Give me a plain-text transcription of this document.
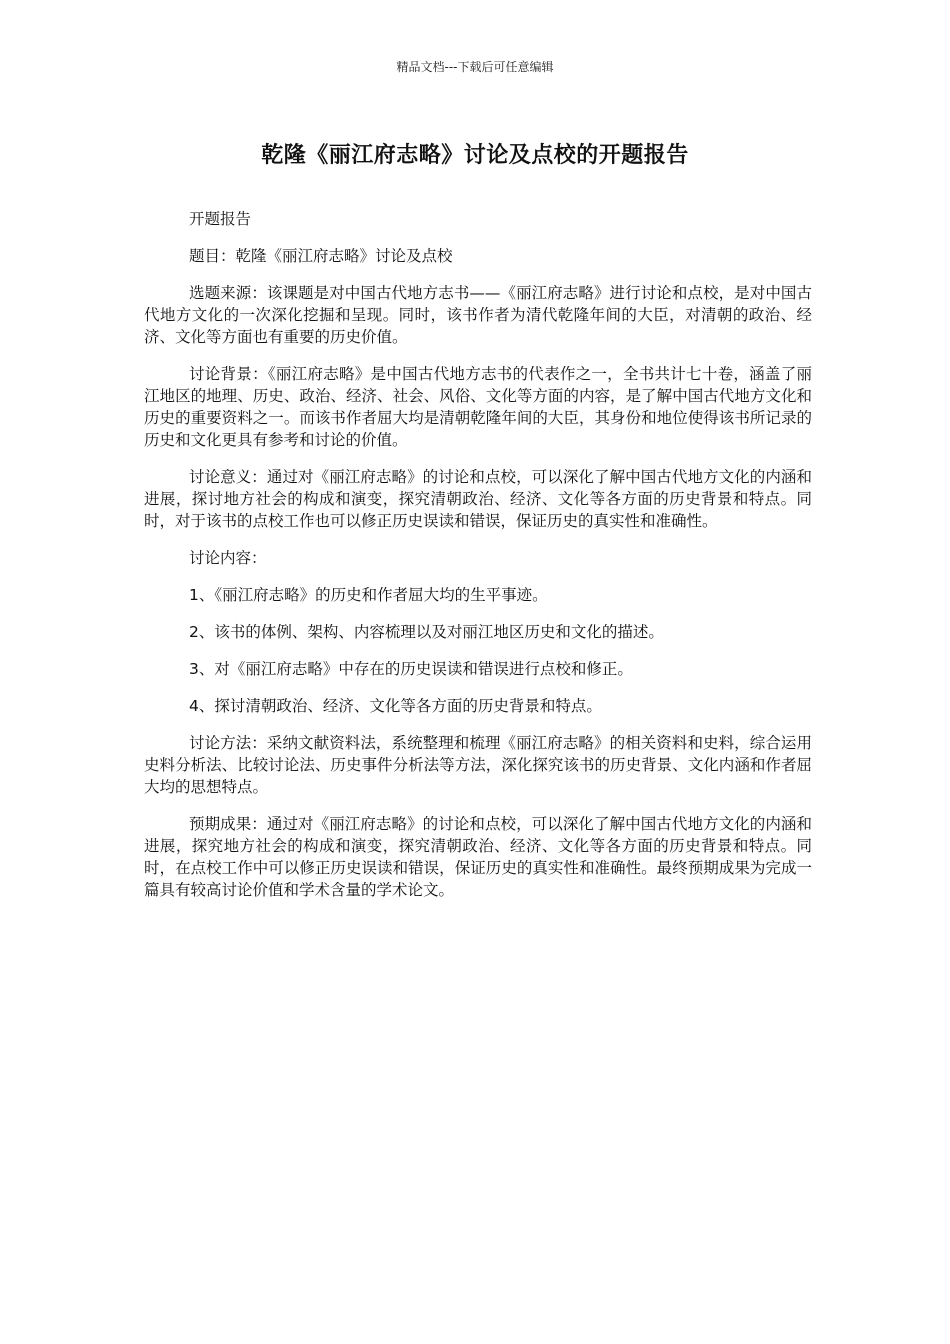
精品文档---下载后可任意编辑
乾隆《丽江府志略》讨论及点校的开题报告

开题报告

题目：乾隆《丽江府志略》讨论及点校

选题来源：该课题是对中国古代地方志书——《丽江府志略》进行讨论和点校，是对中国古代地方文化的一次深化挖掘和呈现。同时，该书作者为清代乾隆年间的大臣，对清朝的政治、经济、文化等方面也有重要的历史价值。

讨论背景：《丽江府志略》是中国古代地方志书的代表作之一，全书共计七十卷，涵盖了丽江地区的地理、历史、政治、经济、社会、风俗、文化等方面的内容，是了解中国古代地方文化和历史的重要资料之一。而该书作者屈大均是清朝乾隆年间的大臣，其身份和地位使得该书所记录的历史和文化更具有参考和讨论的价值。

讨论意义：通过对《丽江府志略》的讨论和点校，可以深化了解中国古代地方文化的内涵和进展，探讨地方社会的构成和演变，探究清朝政治、经济、文化等各方面的历史背景和特点。同时，对于该书的点校工作也可以修正历史误读和错误，保证历史的真实性和准确性。

讨论内容：

1、《丽江府志略》的历史和作者屈大均的生平事迹。

2、该书的体例、架构、内容梳理以及对丽江地区历史和文化的描述。

3、对《丽江府志略》中存在的历史误读和错误进行点校和修正。

4、探讨清朝政治、经济、文化等各方面的历史背景和特点。

讨论方法：采纳文献资料法，系统整理和梳理《丽江府志略》的相关资料和史料，综合运用史料分析法、比较讨论法、历史事件分析法等方法，深化探究该书的历史背景、文化内涵和作者屈大均的思想特点。

预期成果：通过对《丽江府志略》的讨论和点校，可以深化了解中国古代地方文化的内涵和进展，探究地方社会的构成和演变，探究清朝政治、经济、文化等各方面的历史背景和特点。同时，在点校工作中可以修正历史误读和错误，保证历史的真实性和准确性。最终预期成果为完成一篇具有较高讨论价值和学术含量的学术论文。
